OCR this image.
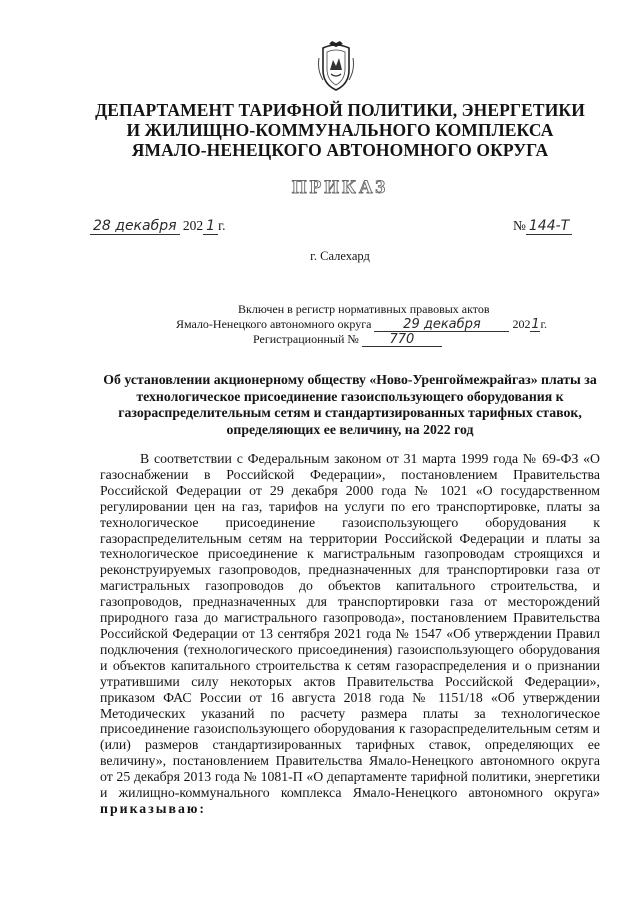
ДЕПАРТАМЕНТ ТАРИФНОЙ ПОЛИТИКИ, ЭНЕРГЕТИКИ
И ЖИЛИЩНО-КОММУНАЛЬНОГО КОМПЛЕКСА
ЯМАЛО-НЕНЕЦКОГО АВТОНОМНОГО ОКРУГА
ПРИКАЗ
28 декабря 202 1 г.	№ 144-Т
г. Салехард
Включен в регистр нормативных правовых актов
Ямало-Ненецкого автономного округа 29 декабря	2021г.
Регистрационный № 770
Об установлении акционерному обществу «Ново-Уренгоймежрайгаз» платы за технологическое присоединение газоиспользующего оборудования к газораспределительным сетям и стандартизированных тарифных ставок, определяющих ее величину, на 2022 год
В соответствии с Федеральным законом от 31 марта 1999 года № 69-ФЗ «О газоснабжении в Российской Федерации», постановлением Правительства Российской Федерации от 29 декабря 2000 года № 1021 «О государственном регулировании цен на газ, тарифов на услуги по его транспортировке, платы за технологическое присоединение газоиспользующего оборудования к газораспределительным сетям на территории Российской Федерации и платы за технологическое присоединение к магистральным газопроводам строящихся и реконструируемых газопроводов, предназначенных для транспортировки газа от магистральных газопроводов до объектов капитального строительства, и газопроводов, предназначенных для транспортировки газа от месторождений природного газа до магистрального газопровода», постановлением Правительства Российской Федерации от 13 сентября 2021 года № 1547 «Об утверждении Правил подключения (технологического присоединения) газоиспользующего оборудования и объектов капитального строительства к сетям газораспределения и о признании утратившими силу некоторых актов Правительства Российской Федерации», приказом ФАС России от 16 августа 2018 года № 1151/18 «Об утверждении Методических указаний по расчету размера платы за технологическое присоединение газоиспользующего оборудования к газораспределительным сетям и (или) размеров стандартизированных тарифных ставок, определяющих ее величину», постановлением Правительства Ямало-Ненецкого автономного округа от 25 декабря 2013 года № 1081-П «О департаменте тарифной политики, энергетики и жилищно-коммунального комплекса Ямало-Ненецкого автономного округа» приказываю:
